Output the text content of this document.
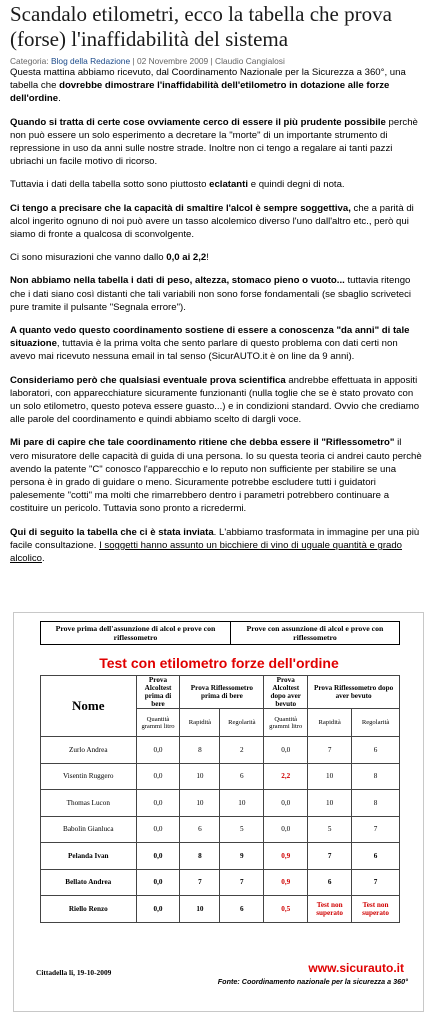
Scandalo etilometri, ecco la tabella che prova (forse) l'inaffidabilità del sistema
Categoria: Blog della Redazione | 02 Novembre 2009 | Claudio Cangialosi

Questa mattina abbiamo ricevuto, dal Coordinamento Nazionale per la Sicurezza a 360°, una tabella che dovrebbe dimostrare l'inaffidabilità dell'etilometro in dotazione alle forze dell'ordine.

Quando si tratta di certe cose ovviamente cerco di essere il più prudente possibile perchè non può essere un solo esperimento a decretare la "morte" di un importante strumento di repressione in uso da anni sulle nostre strade. Inoltre non ci tengo a regalare ai tanti pazzi ubriachi un facile motivo di ricorso.

Tuttavia i dati della tabella sotto sono piuttosto eclatanti e quindi degni di nota.

Ci tengo a precisare che la capacità di smaltire l'alcol è sempre soggettiva, che a parità di alcol ingerito ognuno di noi può avere un tasso alcolemico diverso l'uno dall'altro etc., però qui siamo di fronte a qualcosa di sconvolgente.

Ci sono misurazioni che vanno dallo 0,0 ai 2,2!

Non abbiamo nella tabella i dati di peso, altezza, stomaco pieno o vuoto... tuttavia ritengo che i dati siano così distanti che tali variabili non sono forse fondamentali (se sbaglio scriveteci pure tramite il pulsante "Segnala errore").

A quanto vedo questo coordinamento sostiene di essere a conoscenza "da anni" di tale situazione, tuttavia è la prima volta che sento parlare di questo problema con dati certi non avevo mai ricevuto nessuna email in tal senso (SicurAUTO.it è on line da 9 anni).

Consideriamo però che qualsiasi eventuale prova scientifica andrebbe effettuata in appositi laboratori, con apparecchiature sicuramente funzionanti (nulla toglie che se è stato provato con un solo etilometro, questo poteva essere guasto...) e in condizioni standard. Ovvio che crediamo alle parole del coordinamento e quindi abbiamo scelto di dargli voce.

Mi pare di capire che tale coordinamento ritiene che debba essere il "Riflessometro" il vero misuratore delle capacità di guida di una persona. Io su questa teoria ci andrei cauto perchè avendo la patente "C" conosco l'apparecchio e lo reputo non sufficiente per stabilire se una persona è in grado di guidare o meno. Sicuramente potrebbe escludere tutti i guidatori palesemente "cotti" ma molti che rimarrebbero dentro i parametri potrebbero continuare a costituire un pericolo. Tuttavia sono pronto a ricredermi.

Qui di seguito la tabella che ci è stata inviata. L'abbiamo trasformata in immagine per una più facile consultazione. I soggetti hanno assunto un bicchiere di vino di uguale quantità e grado alcolico.

Prove prima dell'assunzione di alcol e prove con riflessometro	Prove con assunzione di alcol e prove con riflessometro
Test con etilometro forze dell'ordine
Nome	Prova Alcoltest prima di bere	Prova Riflessometro prima di bere		Prova Alcoltest dopo aver bevuto	Prova Riflessometro dopo aver bevuto	
	Quantità grammi litro	Rapidità	Regolarità	Quantità grammi litro	Rapidità	Regolarità
Zurlo Andrea	0,0	8	2	0,0	7	6
Visentin Ruggero	0,0	10	6	2,2	10	8
Thomas Lucon	0,0	10	10	0,0	10	8
Babolin Gianluca	0,0	6	5	0,0	5	7
Pelanda Ivan	0,0	8	9	0,9	7	6
Bellato Andrea	0,0	7	7	0,9	6	7
Riello Renzo	0,0	10	6	0,5	Test non superato	Test non superato
Cittadella li, 19-10-2009	www.sicurauto.it
Fonte: Coordinamento nazionale per la sicurezza a 360°
